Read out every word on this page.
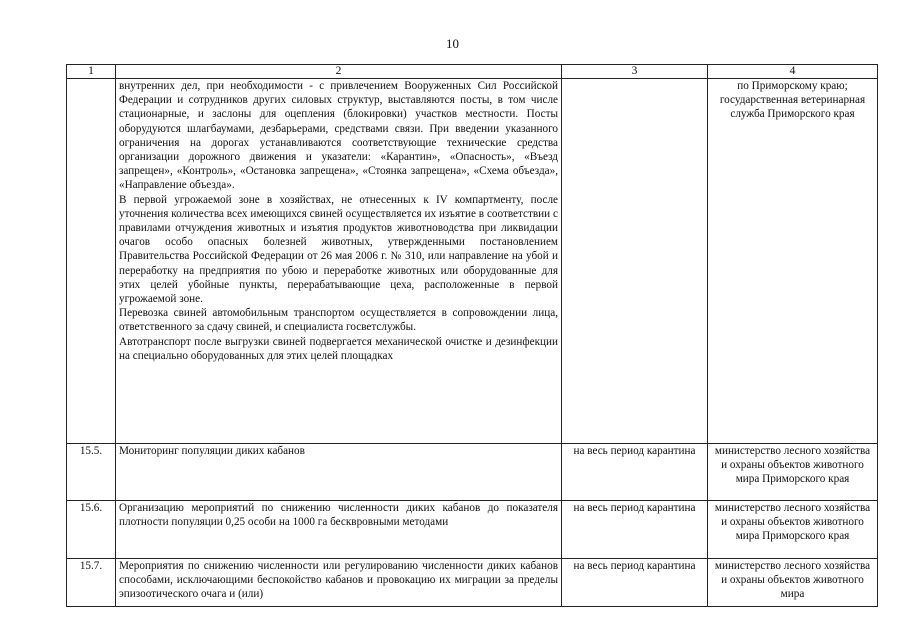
10
1	2	3	4

	внутренних дел, при необходимости - с привлечением Вооруженных Сил Российской Федерации и сотрудников других силовых структур, выставляются посты, в том числе стационарные, и заслоны для оцепления (блокировки) участков местности. Посты оборудуются шлагбаумами, дезбарьерами, средствами связи. При введении указанного ограничения на дорогах устанавливаются соответствующие технические средства организации дорожного движения и указатели: «Карантин», «Опасность», «Въезд запрещен», «Контроль», «Остановка запрещена», «Стоянка запрещена», «Схема объезда», «Направление объезда».

В первой угрожаемой зоне в хозяйствах, не отнесенных к IV компартменту, после уточнения количества всех имеющихся свиней осуществляется их изъятие в соответствии с правилами отчуждения животных и изъятия продуктов животноводства при ликвидации очагов особо опасных болезней животных, утвержденными постановлением Правительства Российской Федерации от 26 мая 2006 г. № 310, или направление на убой и переработку на предприятия по убою и переработке животных или оборудованные для этих целей убойные пункты, перерабатывающие цеха, расположенные в первой угрожаемой зоне.

Перевозка свиней автомобильным транспортом осуществляется в сопровождении лица, ответственного за сдачу свиней, и специалиста госветслужбы.

Автотранспорт после выгрузки свиней подвергается механической очистке и дезинфекции на специально оборудованных для этих целей площадках		по Приморскому краю; государственная ветеринарная служба Приморского края
15.5.	Мониторинг популяции диких кабанов	на весь период карантина	министерство лесного хозяйства и охраны объектов животного мира Приморского края
15.6.	Организацию мероприятий по снижению численности диких кабанов до показателя плотности популяции 0,25 особи на 1000 га бесквровными методами	на весь период карантина	министерство лесного хозяйства и охраны объектов животного мира Приморского края
15.7.	Мероприятия по снижению численности или регулированию численности диких кабанов способами, исключающими беспокойство кабанов и провокацию их миграции за пределы эпизоотического очага и (или)	на весь период карантина	министерство лесного хозяйства и охраны объектов животного мира
